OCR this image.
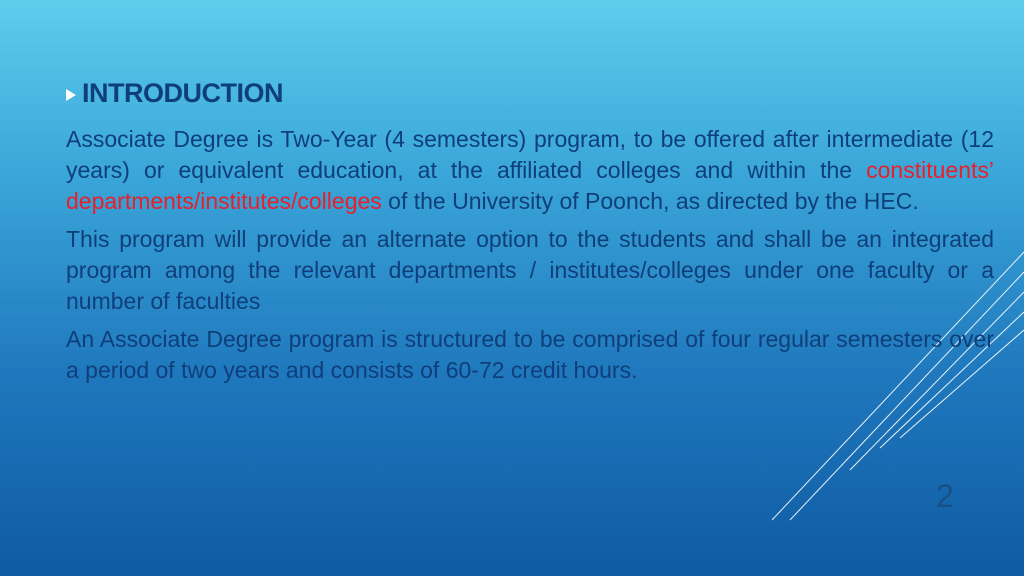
INTRODUCTION

Associate Degree is Two-Year (4 semesters) program, to be offered after intermediate (12 years) or equivalent education, at the affiliated colleges and within the constituents’ departments/institutes/colleges of the University of Poonch, as directed by the HEC.

This program will provide an alternate option to the students and shall be an integrated program among the relevant departments / institutes/colleges under one faculty or a number of faculties

An Associate Degree program is structured to be comprised of four regular semesters over a period of two years and consists of 60-72 credit hours.

2
